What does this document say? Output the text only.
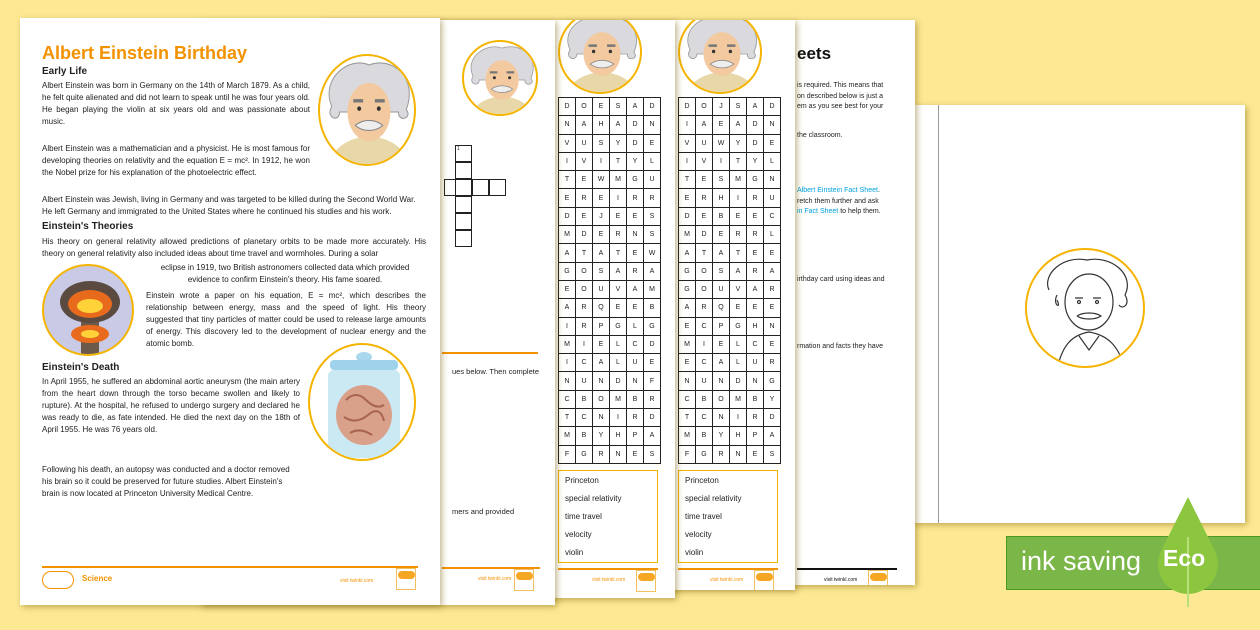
eets
is required. This means that
on described below is just a
em as you see best for your
the classroom.
Albert Einstein Fact Sheet.
retch them further and ask
in Fact Sheet to help them.
irthday card using ideas and
rmation and facts they have
visit twinkl.com
D	O	J	S	A	D
I	A	E	A	D	N
V	U	W	Y	D	E
I	V	I	T	Y	L
T	E	S	M	G	N
E	R	H	I	R	U
D	E	B	E	E	C
M	D	E	R	R	L
A	T	A	T	E	E
G	O	S	A	R	A
G	O	U	V	A	R
A	R	Q	E	E	E
E	C	P	G	H	N
M	I	E	L	C	E
E	C	A	L	U	R
N	U	N	D	N	G
C	B	O	M	B	Y
T	C	N	I	R	D
M	B	Y	H	P	A
F	G	R	N	E	S
Princeton
special relativity
time travel
velocity
violin
visit twinkl.com
D	O	E	S	A	D
N	A	H	A	D	N
V	U	S	Y	D	E
I	V	I	T	Y	L
T	E	W	M	G	U
E	R	E	I	R	R
D	E	J	E	E	S
M	D	E	R	N	S
A	T	A	T	E	W
G	O	S	A	R	A
E	O	U	V	A	M
A	R	Q	E	E	B
I	R	P	G	L	G
M	I	E	L	C	D
I	C	A	L	U	E
N	U	N	D	N	F
C	B	O	M	B	R
T	C	N	I	R	D
M	B	Y	H	P	A
F	G	R	N	E	S
Princeton
special relativity
time travel
velocity
violin
visit twinkl.com
1
ues below. Then complete
mers and provided
visit twinkl.com
Albert Einstein Birthday
Early Life
Albert Einstein was born in Germany on the 14th of March 1879. As a child, he felt quite alienated and did not learn to speak until he was four years old. He began playing the violin at six years old and was passionate about music.
Albert Einstein was a mathematician and a physicist. He is most famous for developing theories on relativity and the equation E = mc². In 1912, he won the Nobel prize for his explanation of the photoelectric effect.
Albert Einstein was Jewish, living in Germany and was targeted to be killed during the Second World War. He left Germany and immigrated to the United States where he continued his studies and his work.
Einstein's Theories
His theory on general relativity allowed predictions of planetary orbits to be made more accurately. His theory on general relativity also included ideas about time travel and wormholes. During a solar
eclipse in 1919, two British astronomers collected data which provided evidence to confirm Einstein's theory. His fame soared.
Einstein wrote a paper on his equation, E = mc², which describes the relationship between energy, mass and the speed of light. His theory suggested that tiny particles of matter could be used to release large amounts of energy. This discovery led to the development of nuclear energy and the atomic bomb.
Einstein's Death
In April 1955, he suffered an abdominal aortic aneurysm (the main artery from the heart down through the torso became swollen and likely to rupture). At the hospital, he refused to undergo surgery and declared he was ready to die, as fate intended. He died the next day on the 18th of April 1955. He was 76 years old.
Following his death, an autopsy was conducted and a doctor removed his brain so it could be preserved for future studies. Albert Einstein's brain is now located at Princeton University Medical Centre.
Science	visit twinkl.com
ink saving Eco
